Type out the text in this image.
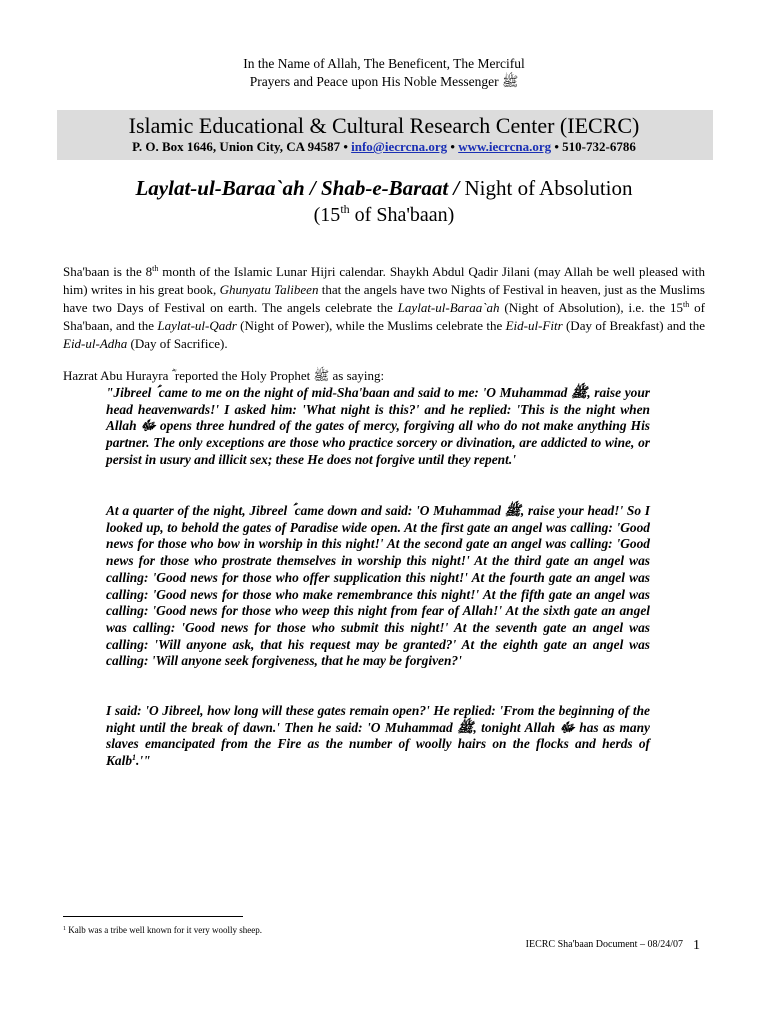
In the Name of Allah, The Beneficent, The Merciful
Prayers and Peace upon His Noble Messenger ﷺ
Islamic Educational & Cultural Research Center (IECRC)
P. O. Box 1646, Union City, CA 94587 • info@iecrcna.org • www.iecrcna.org • 510-732-6786
Laylat-ul-Baraa`ah / Shab-e-Baraat / Night of Absolution
(15th of Sha'baan)
Sha'baan is the 8th month of the Islamic Lunar Hijri calendar. Shaykh Abdul Qadir Jilani (may Allah be well pleased with him) writes in his great book, Ghunyatu Talibeen that the angels have two Nights of Festival in heaven, just as the Muslims have two Days of Festival on earth. The angels celebrate the Laylat-ul-Baraa`ah (Night of Absolution), i.e. the 15th of Sha'baan, and the Laylat-ul-Qadr (Night of Power), while the Muslims celebrate the Eid-ul-Fitr (Day of Breakfast) and the Eid-ul-Adha (Day of Sacrifice).
Hazrat Abu Hurayra ؓ reported the Holy Prophet ﷺ as saying:
"Jibreel ؑ came to me on the night of mid-Sha'baan and said to me: 'O Muhammad ﷺ, raise your head heavenwards!' I asked him: 'What night is this?' and he replied: 'This is the night when Allah ﷻ opens three hundred of the gates of mercy, forgiving all who do not make anything His partner. The only exceptions are those who practice sorcery or divination, are addicted to wine, or persist in usury and illicit sex; these He does not forgive until they repent.'
At a quarter of the night, Jibreel ؑ came down and said: 'O Muhammad ﷺ, raise your head!' So I looked up, to behold the gates of Paradise wide open. At the first gate an angel was calling: 'Good news for those who bow in worship in this night!' At the second gate an angel was calling: 'Good news for those who prostrate themselves in worship this night!' At the third gate an angel was calling: 'Good news for those who offer supplication this night!' At the fourth gate an angel was calling: 'Good news for those who make remembrance this night!' At the fifth gate an angel was calling: 'Good news for those who weep this night from fear of Allah!' At the sixth gate an angel was calling: 'Good news for those who submit this night!' At the seventh gate an angel was calling: 'Will anyone ask, that his request may be granted?' At the eighth gate an angel was calling: 'Will anyone seek forgiveness, that he may be forgiven?'
I said: 'O Jibreel, how long will these gates remain open?' He replied: 'From the beginning of the night until the break of dawn.' Then he said: 'O Muhammad ﷺ, tonight Allah ﷻ has as many slaves emancipated from the Fire as the number of woolly hairs on the flocks and herds of Kalb$^1$.'"
$^1$ Kalb was a tribe well known for it very woolly sheep.
IECRC Sha'baan Document – 08/24/07 1
